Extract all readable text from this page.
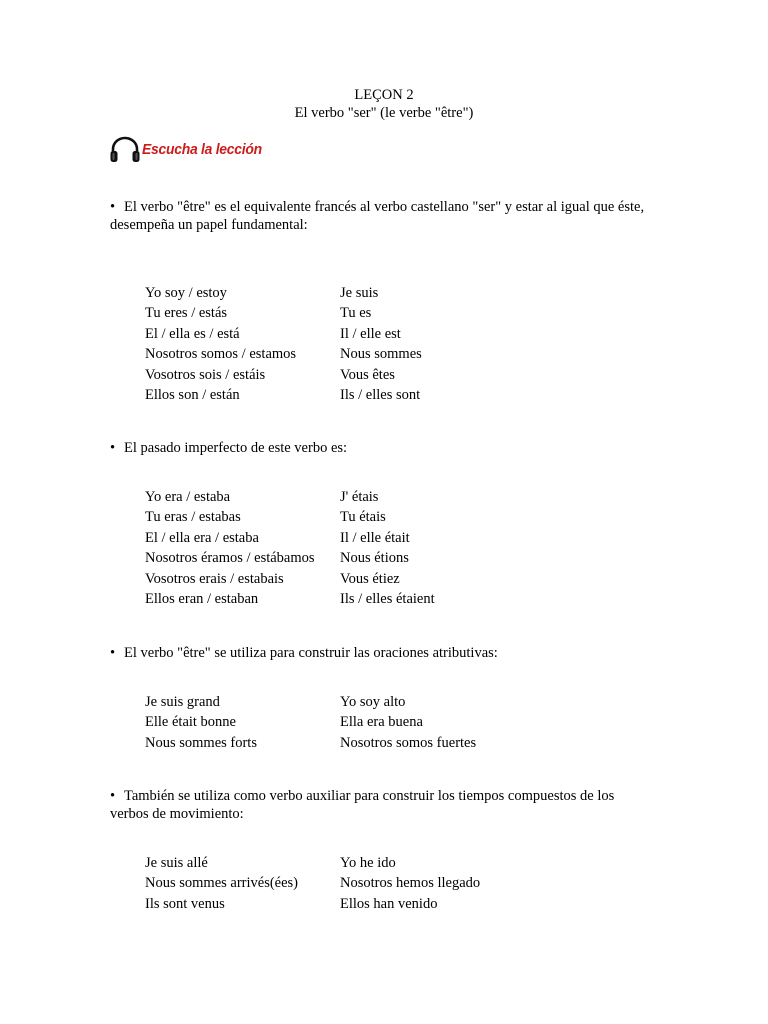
LEÇON 2
El verbo "ser" (le verbe "être")
Escucha la lección
• El verbo "être" es el equivalente francés al verbo castellano "ser" y estar al igual que éste, desempeña un papel fundamental:
Yo soy / estoy	Je suis
Tu eres / estás	Tu es
El / ella es / está	Il / elle est
Nosotros somos / estamos	Nous sommes
Vosotros sois / estáis	Vous êtes
Ellos son / están	Ils / elles sont
• El pasado imperfecto de este verbo es:
Yo era / estaba	J' étais
Tu eras / estabas	Tu étais
El / ella era / estaba	Il / elle était
Nosotros éramos / estábamos	Nous étions
Vosotros erais / estabais	Vous étiez
Ellos eran / estaban	Ils / elles étaient
• El verbo "être" se utiliza para construir las oraciones atributivas:
Je suis grand	Yo soy alto
Elle était bonne	Ella era buena
Nous sommes forts	Nosotros somos fuertes
• También se utiliza como verbo auxiliar para construir los tiempos compuestos de los verbos de movimiento:
Je suis allé	Yo he ido
Nous sommes arrivés(ées)	Nosotros hemos llegado
Ils sont venus	Ellos han venido
